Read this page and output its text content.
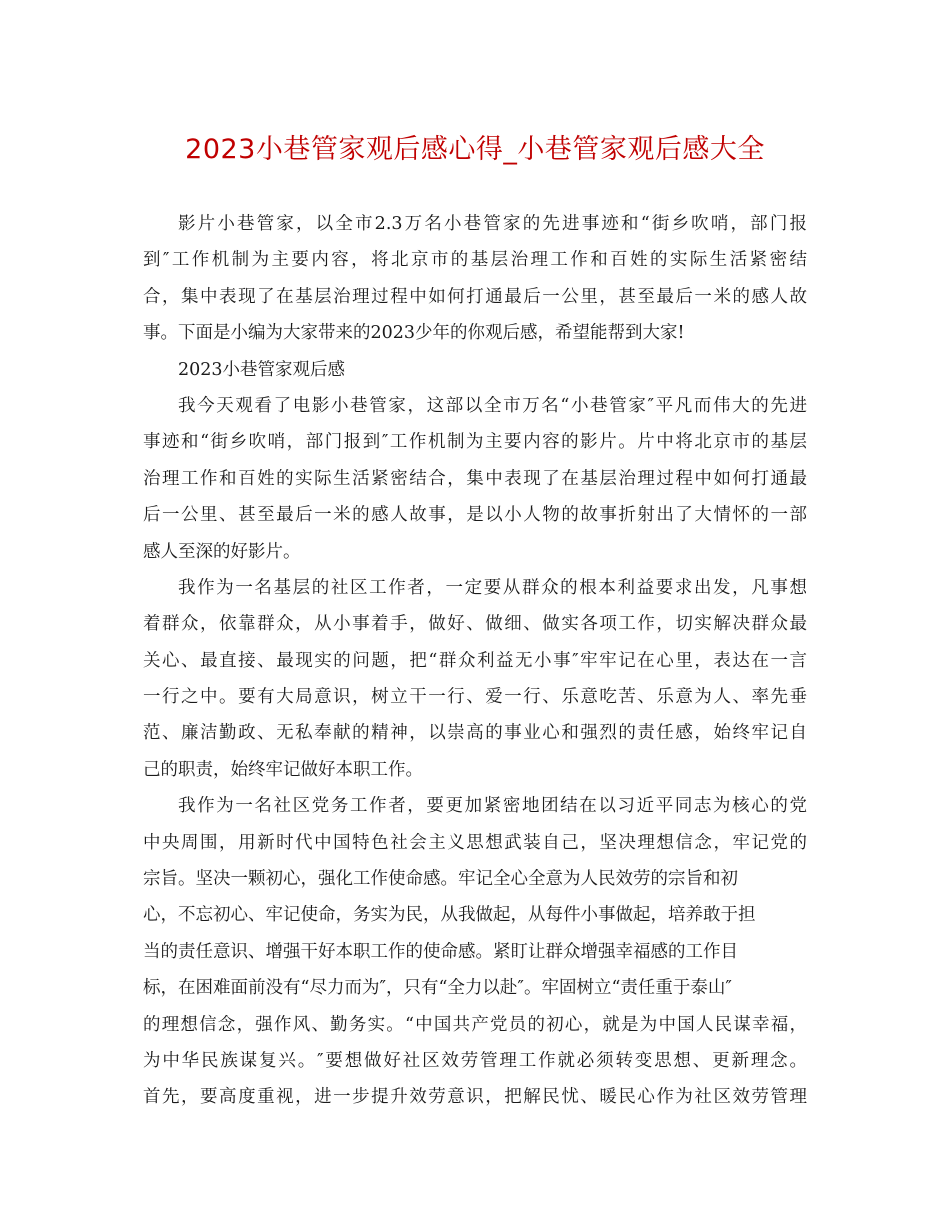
2023小巷管家观后感心得_小巷管家观后感大全
影片小巷管家，以全市2.3万名小巷管家的先进事迹和“街乡吹哨，部门报
到″工作机制为主要内容，将北京市的基层治理工作和百姓的实际生活紧密结
合，集中表现了在基层治理过程中如何打通最后一公里，甚至最后一米的感人故
事。下面是小编为大家带来的2023少年的你观后感，希望能帮到大家!
2023小巷管家观后感
我今天观看了电影小巷管家，这部以全市万名“小巷管家″平凡而伟大的先进
事迹和“街乡吹哨，部门报到″工作机制为主要内容的影片。片中将北京市的基层
治理工作和百姓的实际生活紧密结合，集中表现了在基层治理过程中如何打通最
后一公里、甚至最后一米的感人故事，是以小人物的故事折射出了大情怀的一部
感人至深的好影片。
我作为一名基层的社区工作者，一定要从群众的根本利益要求出发，凡事想
着群众，依靠群众，从小事着手，做好、做细、做实各项工作，切实解决群众最
关心、最直接、最现实的问题，把“群众利益无小事″牢牢记在心里，表达在一言
一行之中。要有大局意识，树立干一行、爱一行、乐意吃苦、乐意为人、率先垂
范、廉洁勤政、无私奉献的精神，以崇高的事业心和强烈的责任感，始终牢记自
己的职责，始终牢记做好本职工作。
我作为一名社区党务工作者，要更加紧密地团结在以习近平同志为核心的党
中央周围，用新时代中国特色社会主义思想武装自己，坚决理想信念，牢记党的
宗旨。坚决一颗初心，强化工作使命感。牢记全心全意为人民效劳的宗旨和初
心，不忘初心、牢记使命，务实为民，从我做起，从每件小事做起，培养敢于担
当的责任意识、增强干好本职工作的使命感。紧盯让群众增强幸福感的工作目
标，在困难面前没有“尽力而为″，只有“全力以赴″。牢固树立“责任重于泰山″
的理想信念，强作风、勤务实。“中国共产党员的初心，就是为中国人民谋幸福，
为中华民族谋复兴。″要想做好社区效劳管理工作就必须转变思想、更新理念。
首先，要高度重视，进一步提升效劳意识，把解民忧、暖民心作为社区效劳管理
